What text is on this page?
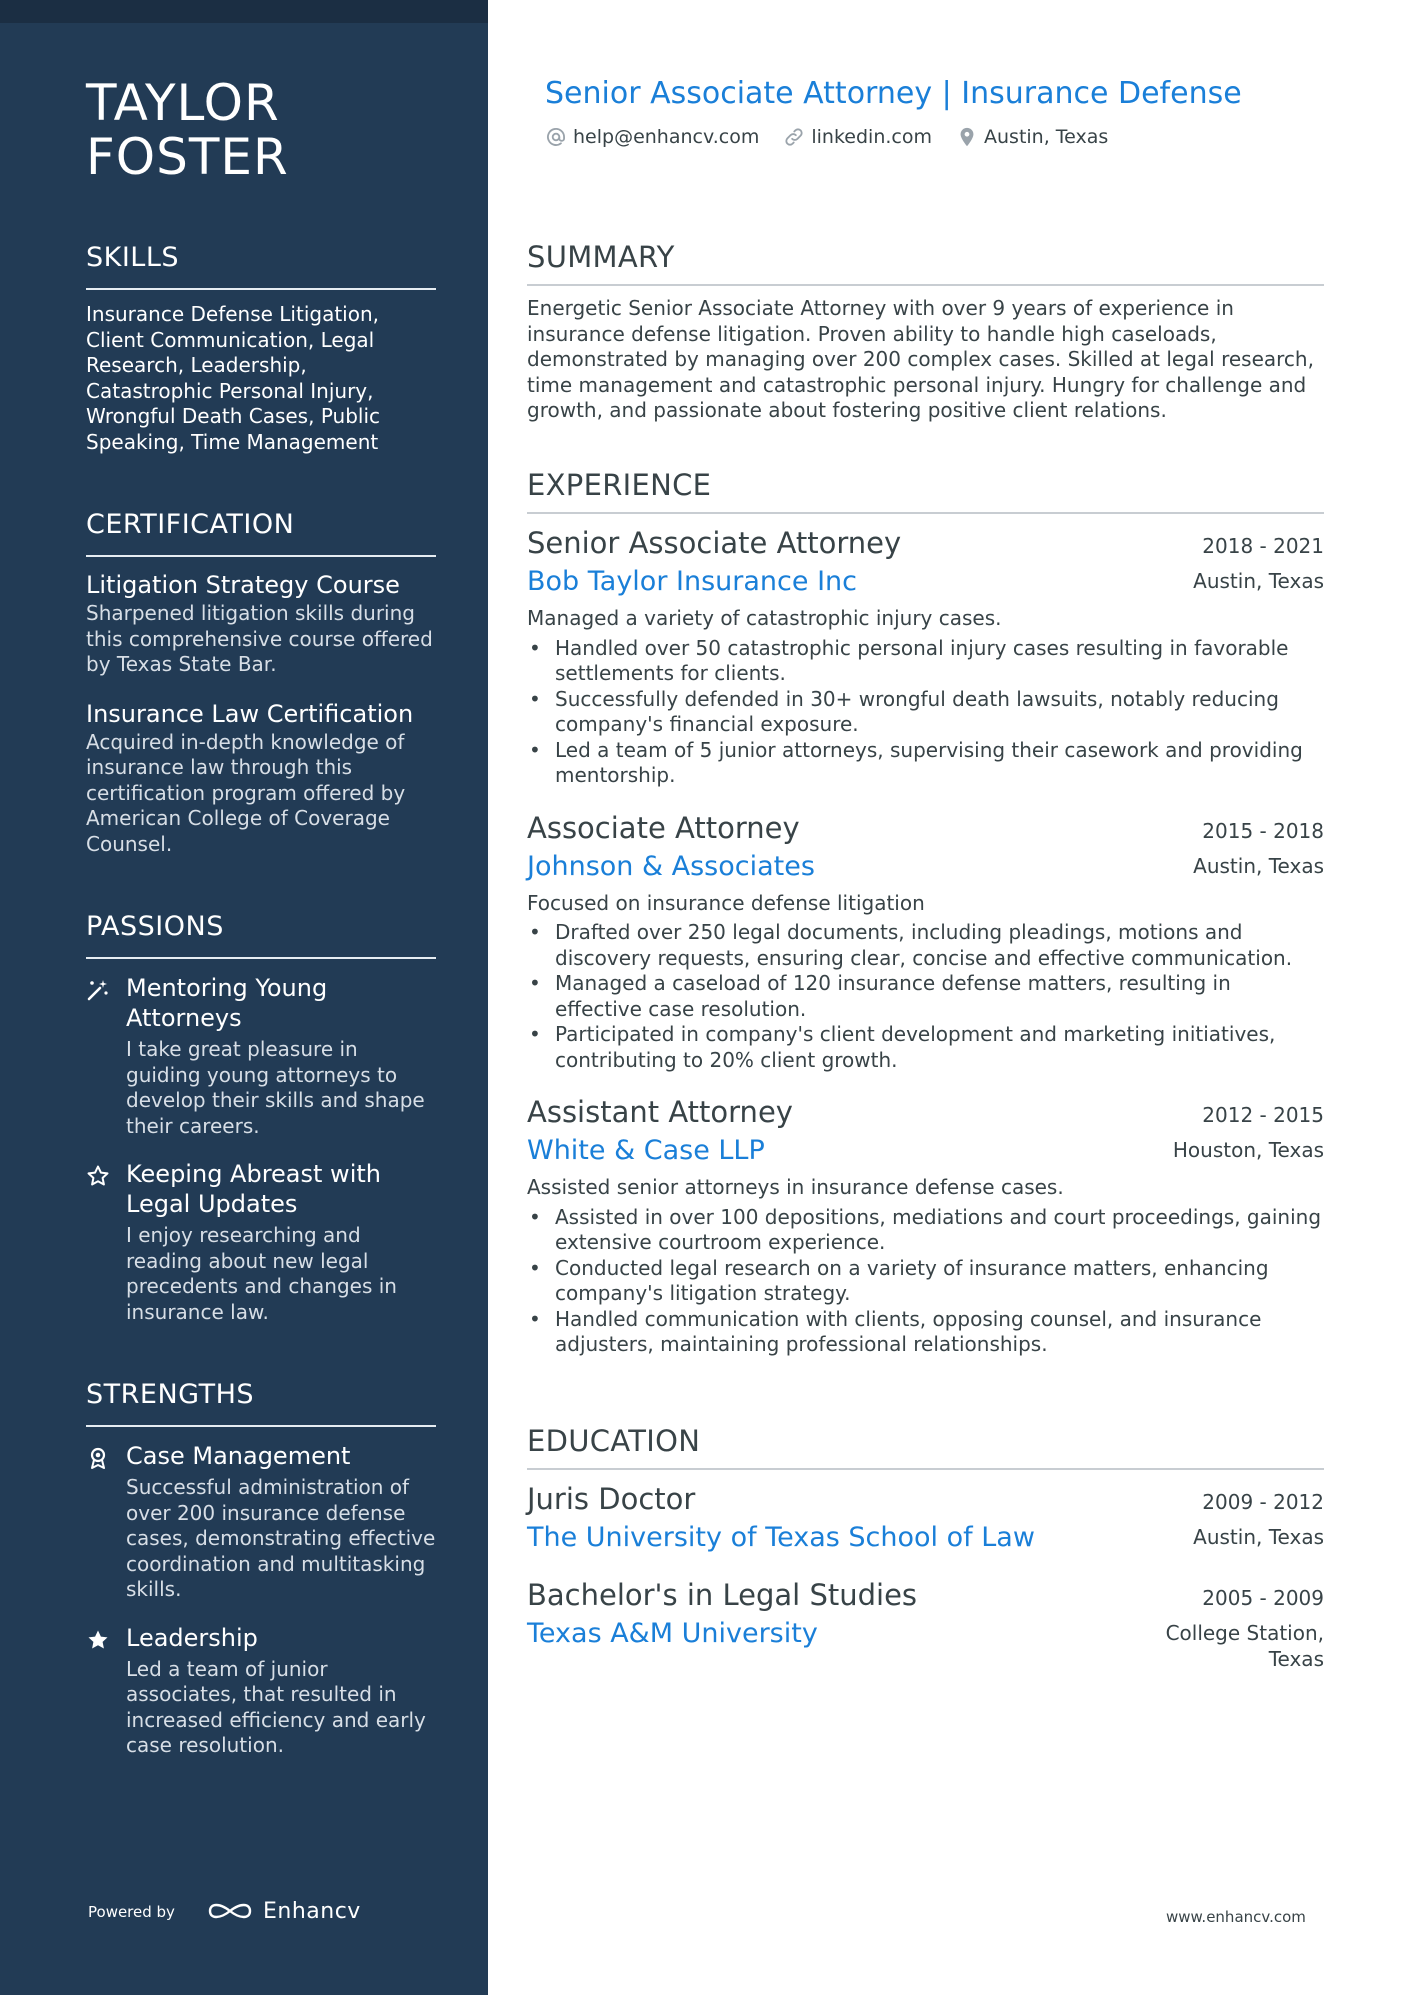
TAYLOR
FOSTER
SKILLS
Insurance Defense Litigation, Client Communication, Legal Research, Leadership, Catastrophic Personal Injury, Wrongful Death Cases, Public Speaking, Time Management
CERTIFICATION
Litigation Strategy Course
Sharpened litigation skills during this comprehensive course offered by Texas State Bar.
Insurance Law Certification
Acquired in-depth knowledge of insurance law through this certification program offered by American College of Coverage Counsel.
PASSIONS
Mentoring Young Attorneys
I take great pleasure in guiding young attorneys to develop their skills and shape their careers.
Keeping Abreast with Legal Updates
I enjoy researching and reading about new legal precedents and changes in insurance law.
STRENGTHS
Case Management
Successful administration of over 200 insurance defense cases, demonstrating effective coordination and multitasking skills.
Leadership
Led a team of junior associates, that resulted in increased efficiency and early case resolution.
Powered by	Enhancv
Senior Associate Attorney | Insurance Defense
help@enhancv.com	linkedin.com	Austin, Texas
SUMMARY
Energetic Senior Associate Attorney with over 9 years of experience in insurance defense litigation. Proven ability to handle high caseloads, demonstrated by managing over 200 complex cases. Skilled at legal research, time management and catastrophic personal injury. Hungry for challenge and growth, and passionate about fostering positive client relations.
EXPERIENCE
Senior Associate Attorney	2018 - 2021
Bob Taylor Insurance Inc	Austin, Texas
Managed a variety of catastrophic injury cases.
• Handled over 50 catastrophic personal injury cases resulting in favorable settlements for clients.
• Successfully defended in 30+ wrongful death lawsuits, notably reducing company's financial exposure.
• Led a team of 5 junior attorneys, supervising their casework and providing mentorship.
Associate Attorney	2015 - 2018
Johnson & Associates	Austin, Texas
Focused on insurance defense litigation
• Drafted over 250 legal documents, including pleadings, motions and discovery requests, ensuring clear, concise and effective communication.
• Managed a caseload of 120 insurance defense matters, resulting in effective case resolution.
• Participated in company's client development and marketing initiatives, contributing to 20% client growth.
Assistant Attorney	2012 - 2015
White & Case LLP	Houston, Texas
Assisted senior attorneys in insurance defense cases.
• Assisted in over 100 depositions, mediations and court proceedings, gaining extensive courtroom experience.
• Conducted legal research on a variety of insurance matters, enhancing company's litigation strategy.
• Handled communication with clients, opposing counsel, and insurance adjusters, maintaining professional relationships.
EDUCATION
Juris Doctor	2009 - 2012
The University of Texas School of Law	Austin, Texas
Bachelor's in Legal Studies	2005 - 2009
Texas A&M University	College Station, Texas
www.enhancv.com
